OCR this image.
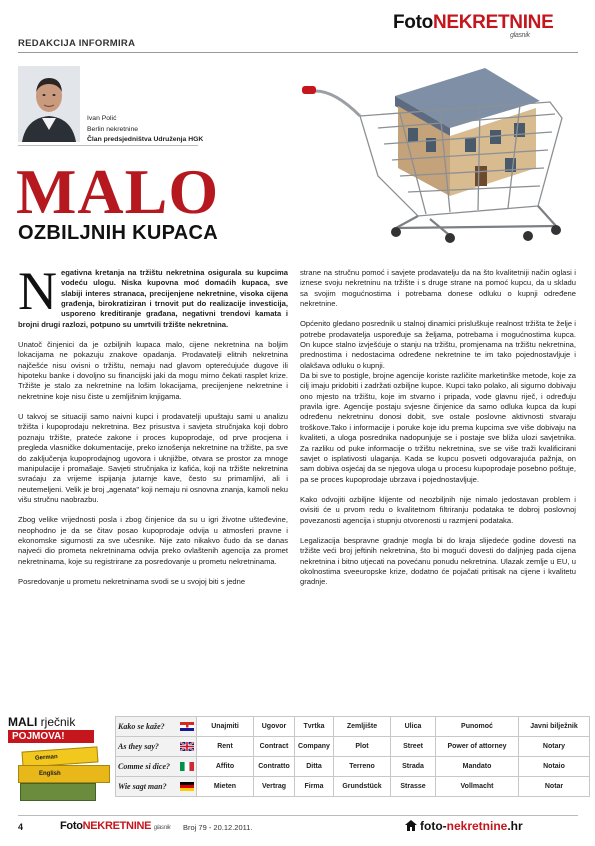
FotoNEKRETNINE
glasnik
REDAKCIJA INFORMIRA
Ivan Polić
Berlin nekretnine
Član predsjedništva Udruženja HGK
MALO
OZBILJNIH KUPACA

Negativna kretanja na tržištu nekretnina osigurala su kupcima vodeću ulogu. Niska kupovna moć domaćih kupaca, sve slabiji interes stranaca, precijenjene nekretnine, visoka cijena građenja, birokratiziran i trnovit put do realizacije investicija, usporeno kreditiranje građana, negativni trendovi kamata i brojni drugi razlozi, potpuno su umrtvili tržište nekretnina.

Unatoč činjenici da je ozbiljnih kupaca malo, cijene nekretnina na boljim lokacijama ne pokazuju znakove opadanja. Prodavatelji elitnih nekretnina najčešće nisu ovisni o tržištu, nemaju nad glavom opterećujuće dugove ili hipoteku banke i dovoljno su financijski jaki da mogu mirno čekati rasplet krize. Tržište je stalo za nekretnine na lošim lokacijama, precijenjene nekretnine i nekretnine koje nisu čiste u zemljišnim knjigama.

U takvoj se situaciji samo naivni kupci i prodavatelji upuštaju sami u analizu tržišta i kupoprodaju nekretnina. Bez prisustva i savjeta stručnjaka koji dobro poznaju tržište, prateće zakone i proces kupoprodaje, od prve procjena i pregleda vlasničke dokumentacije, preko iznošenja nekretnine na tržište, pa sve do zaključenja kupoprodajnog ugovora i uknjižbe, otvara se prostor za mnoge manipulacije i promašaje. Savjeti stručnjaka iz kafića, koji na tržište nekretnina svraćaju za vrijeme ispijanja jutarnje kave, često su primamljivi, ali i neutemeljeni. Velik je broj „agenata" koji nemaju ni osnovna znanja, kamoli neku višu stručnu naobrazbu.

Zbog velike vrijednosti posla i zbog činjenice da su u igri životne ušteđevine, neophodno je da se čitav posao kupoprodaje odvija u atmosferi pravne i ekonomske sigurnosti za sve učesnike. Nije zato nikakvo čudo da se danas najveći dio prometa nekretninama odvija preko ovlaštenih agencija za promet nekretninama, koje su registrirane za posredovanje u prometu nekretninama.

Posredovanje u prometu nekretninama svodi se u svojoj biti s jedne

strane na stručnu pomoć i savjete prodavatelju da na što kvalitetniji način oglasi i iznese svoju nekretninu na tržište i s druge strane na pomoć kupcu, da u skladu sa svojim mogućnostima i potrebama donese odluku o kupnji određene nekretnine.

Općenito gledano posrednik u stalnoj dinamici prisluškuje realnost tržišta te želje i potrebe prodavatelja uspoređuje sa željama, potrebama i mogućnostima kupca. On kupce stalno izvješćuje o stanju na tržištu, promjenama na tržištu nekretnina, prednostima i nedostacima određene nekretnine te im tako pojednostavljuje i olakšava odluku o kupnji.

Da bi sve to postigle, brojne agencije koriste različite marketinške metode, koje za cilj imaju pridobiti i zadržati ozbiljne kupce. Kupci tako polako, ali sigurno dobivaju ono mjesto na tržištu, koje im stvarno i pripada, vode glavnu riječ, i određuju pravila igre. Agencije postaju svjesne činjenice da samo odluka kupca da kupi određenu nekretninu donosi dobit, sve ostale poslovne aktivnosti stvaraju troškove.Tako i informacije i poruke koje idu prema kupcima sve više dobivaju na kvaliteti, a uloga posrednika nadopunjuje se i postaje sve bliža ulozi savjetnika. Za razliku od puke informacije o tržištu nekretnina, sve se više traži kvalificirani savjet o isplativosti ulaganja. Kada se kupcu posveti odgovarajuća pažnja, on sam dobiva osjećaj da se njegova uloga u procesu kupoprodaje posebno poštuje, pa se proces kupoprodaje ubrzava i pojednostavljuje.

Kako odvojiti ozbiljne klijente od neozbiljnih nije nimalo jedostavan problem i ovisiti će u prvom redu o kvalitetnom filtriranju podataka te dobroj poslovnoj povezanosti agencija i stupnju otvorenosti u razmjeni podataka.

Legalizacija bespravne gradnje mogla bi do kraja slijedeće godine dovesti na tržište veći broj jeftinih nekretnina, što bi mogući dovesti do daljnjeg pada cijena nekretnina i bitno utjecati na povećanu ponudu nekretnina. Ulazak zemlje u EU, u okolnostima sveeuropske krize, dodatno će pojačati pritisak na cijene i kvalitetu gradnje.

MALI rječnik
POJMOVA!
German
English
Kako se kaže?	Unajmiti	Ugovor	Tvrtka	Zemljište	Ulica	Punomoć	Javni bilježnik
As they say?	Rent	Contract	Company	Plot	Street	Power of attorney	Notary
Comme si dice?	Affito	Contratto	Ditta	Terreno	Strada	Mandato	Notaio
Wie sagt man?	Mieten	Vertrag	Firma	Grundstück	Strasse	Vollmacht	Notar
4	FotoNEKRETNINE glasnik Broj 79 - 20.12.2011.	foto-nekretnine.hr
